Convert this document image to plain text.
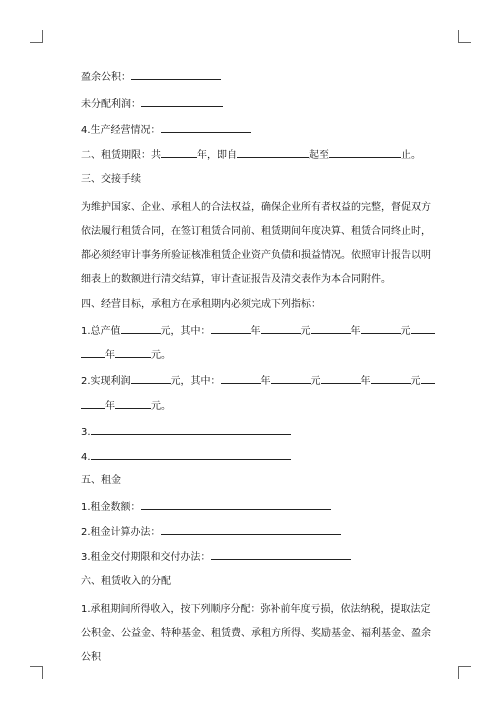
盈余公积：
未分配利润：
4.生产经营情况：
二、租赁期限：共	年，即自	起至	止。
三、交接手续
为维护国家、企业、承租人的合法权益，确保企业所有者权益的完整，督促双方依法履行租赁合同，在签订租赁合同前、租赁期间年度决算、租赁合同终止时，都必须经审计事务所验证核准租赁企业资产负债和损益情况。依照审计报告以明细表上的数额进行清交结算，审计查证报告及清交表作为本合同附件。
四、经营目标，承租方在承租期内必须完成下列指标：
1.总产值	元，其中：	年	元	年	元
年	元。
2.实现利润	元，其中：	年	元	年	元
年	元。
3.
4.
五、租金
1.租金数额：
2.租金计算办法：
3.租金交付期限和交付办法：
六、租赁收入的分配
1.承租期间所得收入，按下列顺序分配：弥补前年度亏损，依法纳税，提取法定公积金、公益金、特种基金、租赁费、承租方所得、奖励基金、福利基金、盈余公积
